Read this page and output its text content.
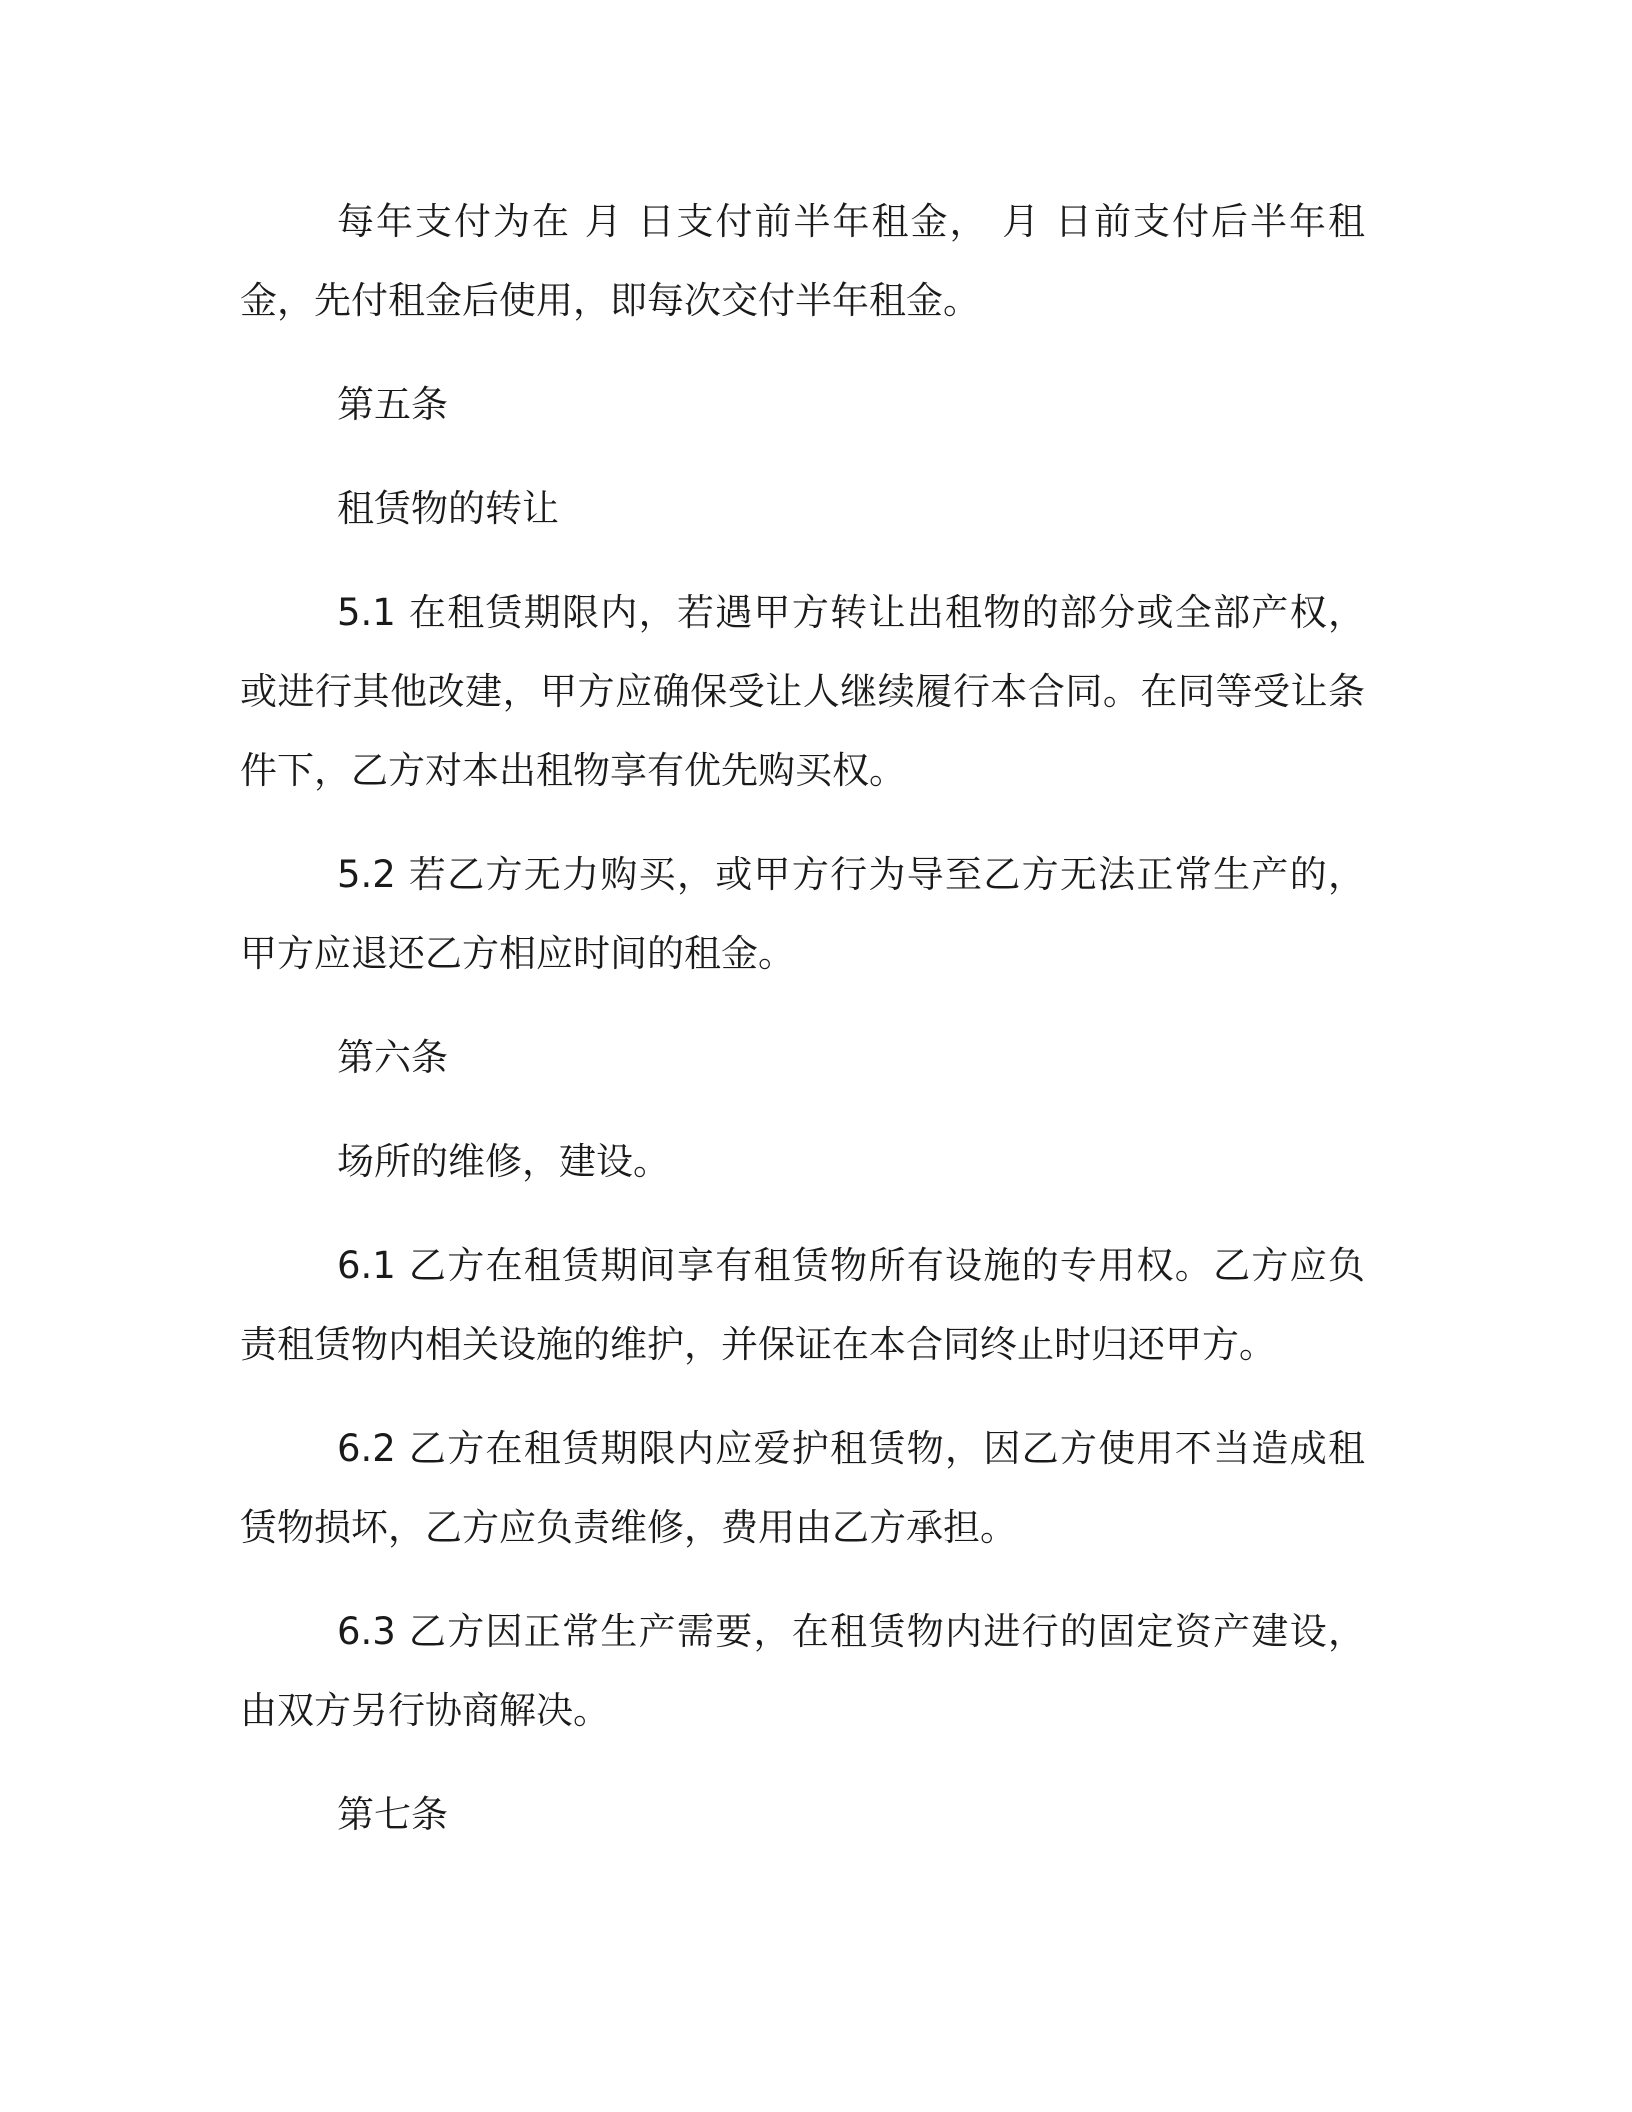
每年支付为在 月 日支付前半年租金， 月 日前支付后半年租金，先付租金后使用，即每次交付半年租金。

第五条

租赁物的转让

5.1 在租赁期限内，若遇甲方转让出租物的部分或全部产权，或进行其他改建，甲方应确保受让人继续履行本合同。在同等受让条件下，乙方对本出租物享有优先购买权。

5.2 若乙方无力购买，或甲方行为导至乙方无法正常生产的，甲方应退还乙方相应时间的租金。

第六条

场所的维修，建设。

6.1 乙方在租赁期间享有租赁物所有设施的专用权。乙方应负责租赁物内相关设施的维护，并保证在本合同终止时归还甲方。

6.2 乙方在租赁期限内应爱护租赁物，因乙方使用不当造成租赁物损坏，乙方应负责维修，费用由乙方承担。

6.3 乙方因正常生产需要，在租赁物内进行的固定资产建设，由双方另行协商解决。

第七条
